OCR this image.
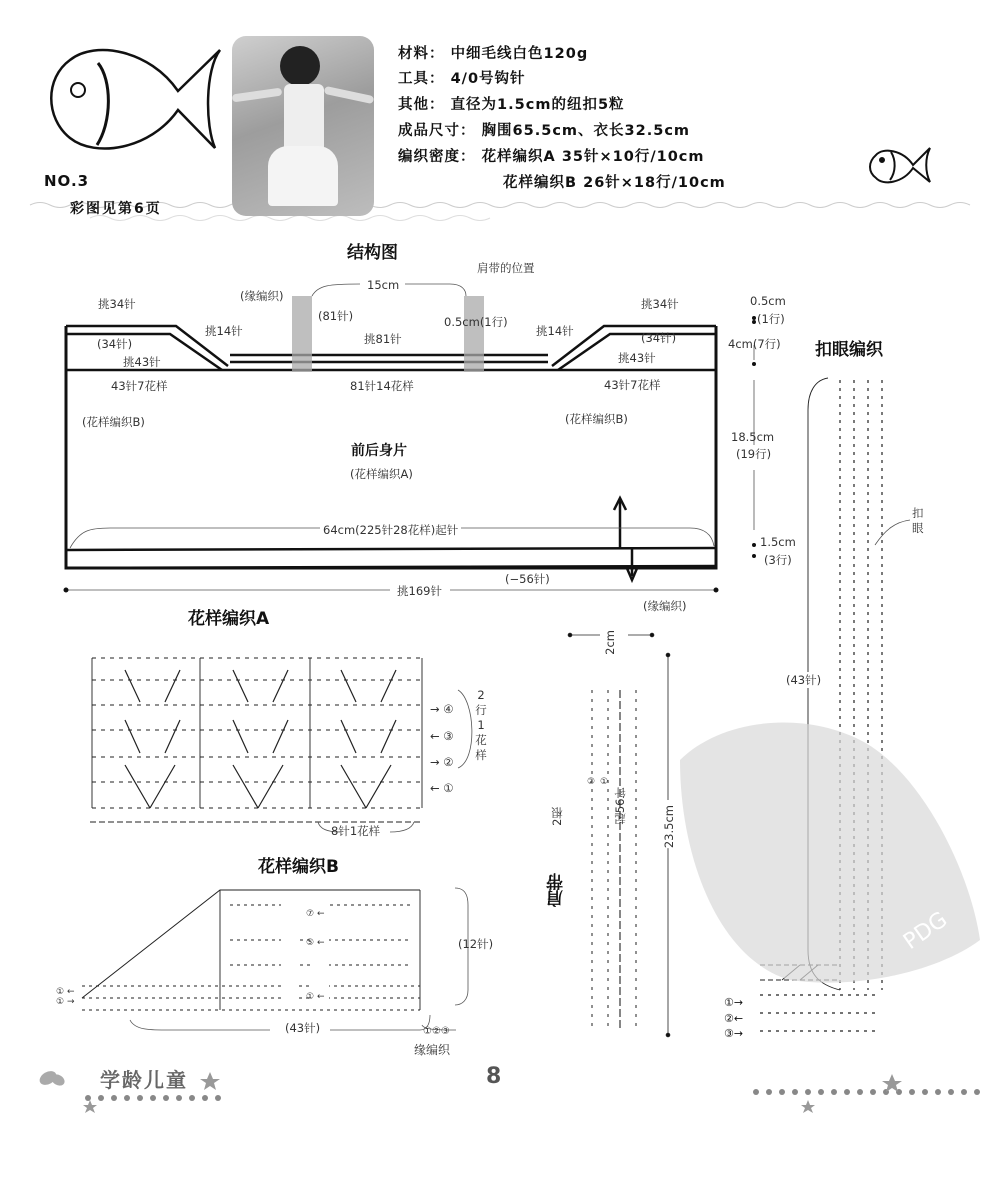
PDG
NO.3
彩图见第6页
材料： 中细毛线白色120g
工具： 4/0号钩针
其他： 直径为1.5cm的纽扣5粒
成品尺寸： 胸围65.5cm、衣长32.5cm
编织密度： 花样编织A 35针×10行/10cm
花样编织B 26针×18行/10cm
结构图
肩带的位置
(缘编织)
15cm
(81针)
挑81针
0.5cm(1行)
挑34针
(34针)
挑14针
挑43针
43针7花样
(花样编织B)
81针14花样
挑14针
挑34针
(34针)
挑43针
43针7花样
(花样编织B)
前后身片
(花样编织A)
64cm(225针28花样)起针
(−56针)
挑169针
(缘编织)
0.5cm
(1行)
4cm(7行)
18.5cm
(19行)
1.5cm
(3行)
花样编织A
→ ④
← ③
→ ②
← ①
2行1花样
8针1花样
花样编织B
⑦ ←
⑤ ←
① ←
① ←
① →
(12针)
(43针)	①②③
缘编织
肩带
2根
2cm
起56针	23.5cm
② ①
扣眼编织
扣眼
(43针)
①→
②←
③→
学龄儿童	8
